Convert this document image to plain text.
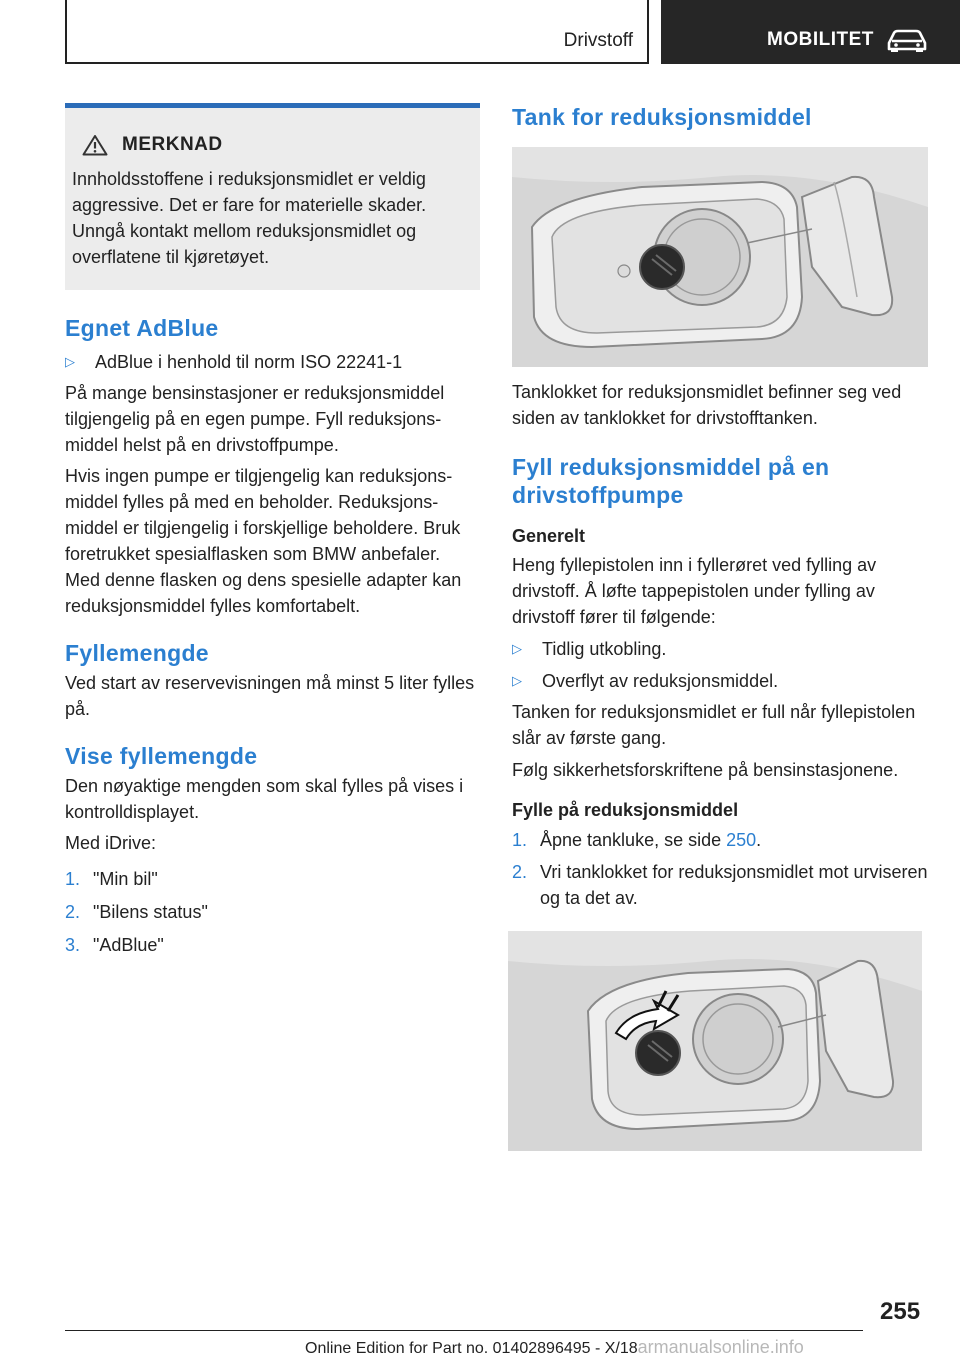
Drivstoff	MOBILITET
MERKNAD

Innholdsstoffene i reduksjonsmidlet er veldig aggressive. Det er fare for materielle skader. Unngå kontakt mellom reduksjonsmidlet og overflatene til kjøretøyet.

Egnet AdBlue
▷	AdBlue i henhold til norm ISO 22241-1

På mange bensinstasjoner er reduksjonsmiddel tilgjengelig på en egen pumpe. Fyll reduksjonsmiddel helst på en drivstoffpumpe.

Hvis ingen pumpe er tilgjengelig kan reduksjonsmiddel fylles på med en beholder. Reduksjonsmiddel er tilgjengelig i forskjellige beholdere. Bruk foretrukket spesialflasken som BMW anbefaler. Med denne flasken og dens spesielle adapter kan reduksjonsmiddel fylles komfortabelt.

Fyllemengde

Ved start av reservevisningen må minst 5 liter fylles på.

Vise fyllemengde

Den nøyaktige mengden som skal fylles på vises i kontrolldisplayet.

Med iDrive:

1. "Min bil"
2. "Bilens status"
3. "AdBlue"
Tank for reduksjonsmiddel

Tanklokket for reduksjonsmidlet befinner seg ved siden av tanklokket for drivstofftanken.

Fyll reduksjonsmiddel på en drivstoffpumpe
Generelt

Heng fyllepistolen inn i fyllerøret ved fylling av drivstoff. Å løfte tappepistolen under fylling av drivstoff fører til følgende:

▷	Tidlig utkobling.
▷	Overflyt av reduksjonsmiddel.

Tanken for reduksjonsmidlet er full når fyllepistolen slår av første gang.

Følg sikkerhetsforskriftene på bensinstasjonene.

Fylle på reduksjonsmiddel
1. Åpne tankluke, se side 250.
2. Vri tanklokket for reduksjonsmidlet mot urviseren og ta det av.
255
Online Edition for Part no. 01402896495 - X/18armanualsonline.info
